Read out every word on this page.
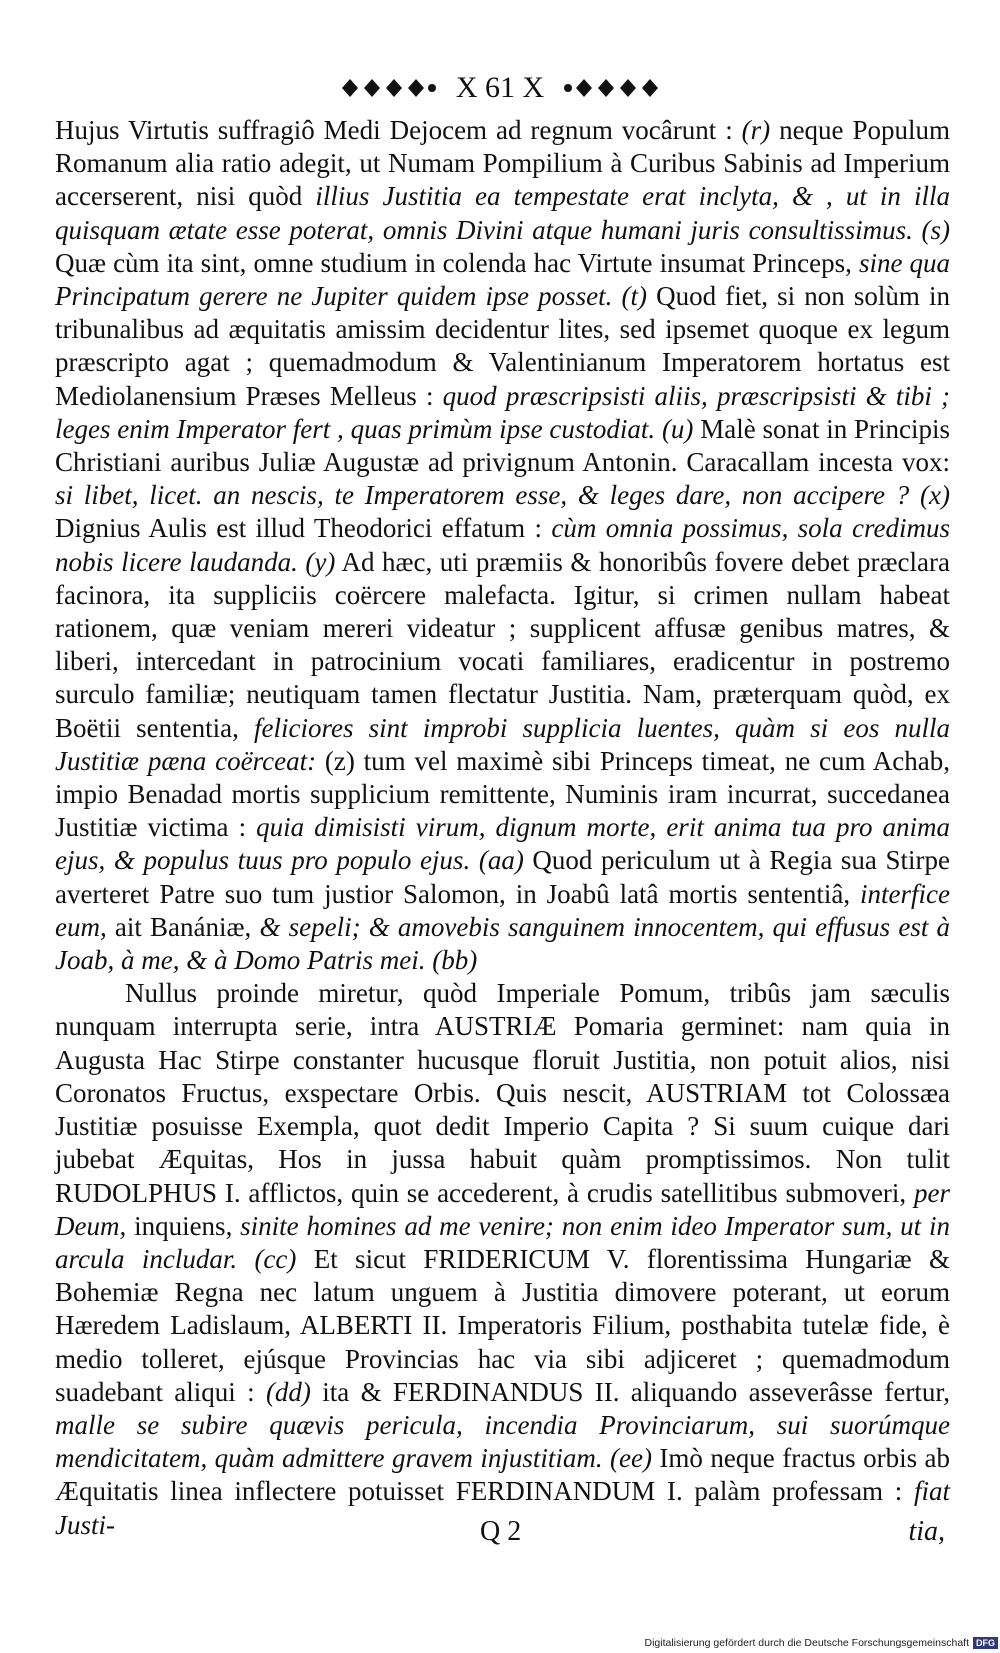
X 61 X

Hujus Virtutis suffragiô Medi Dejocem ad regnum vocârunt : (r) neque Populum Romanum alia ratio adegit, ut Numam Pompilium à Curibus Sabinis ad Imperium accerserent, nisi quòd illius Justitia ea tempestate erat inclyta, & , ut in illa quisquam ætate esse poterat, omnis Divini atque humani juris consultissimus. (s) Quæ cùm ita sint, omne studium in colenda hac Virtute insumat Princeps, sine qua Principatum gerere ne Jupiter quidem ipse posset. (t) Quod fiet, si non solùm in tribunalibus ad æquitatis amissim decidentur lites, sed ipsemet quoque ex legum præscripto agat ; quemadmodum & Valentinianum Imperatorem hortatus est Mediolanensium Præses Melleus : quod præscripsisti aliis, præscripsisti & tibi ; leges enim Imperator fert , quas primùm ipse custodiat. (u) Malè sonat in Principis Christiani auribus Juliæ Augustæ ad privignum Antonin. Caracallam incesta vox: si libet, licet. an nescis, te Imperatorem esse, & leges dare, non accipere ? (x) Dignius Aulis est illud Theodorici effatum : cùm omnia possimus, sola credimus nobis licere laudanda. (y) Ad hæc, uti præmiis & honoribûs fovere debet præclara facinora, ita suppliciis coërcere malefacta. Igitur, si crimen nullam habeat rationem, quæ veniam mereri videatur ; supplicent affusæ genibus matres, & liberi, intercedant in patrocinium vocati familiares, eradicentur in postremo surculo familiæ; neutiquam tamen flectatur Justitia. Nam, præterquam quòd, ex Boëtii sententia, feliciores sint improbi supplicia luentes, quàm si eos nulla Justitiæ pæna coërceat: (z) tum vel maximè sibi Princeps timeat, ne cum Achab, impio Benadad mortis supplicium remittente, Numinis iram incurrat, succedanea Justitiæ victima : quia dimisisti virum, dignum morte, erit anima tua pro anima ejus, & populus tuus pro populo ejus. (aa) Quod periculum ut à Regia sua Stirpe averteret Patre suo tum justior Salomon, in Joabû latâ mortis sententiâ, interfice eum, ait Banániæ, & sepeli; & amovebis sanguinem innocentem, qui effusus est à Joab, à me, & à Domo Patris mei. (bb)

Nullus proinde miretur, quòd Imperiale Pomum, tribûs jam sæculis nunquam interrupta serie, intra AUSTRIÆ Pomaria germinet: nam quia in Augusta Hac Stirpe constanter hucusque floruit Justitia, non potuit alios, nisi Coronatos Fructus, exspectare Orbis. Quis nescit, AUSTRIAM tot Colossæa Justitiæ posuisse Exempla, quot dedit Imperio Capita ? Si suum cuique dari jubebat Æquitas, Hos in jussa habuit quàm promptissimos. Non tulit RUDOLPHUS I. afflictos, quin se accederent, à crudis satellitibus submoveri, per Deum, inquiens, sinite homines ad me venire; non enim ideo Imperator sum, ut in arcula includar. (cc) Et sicut FRIDERICUM V. florentissima Hungariæ & Bohemiæ Regna nec latum unguem à Justitia dimovere poterant, ut eorum Hæredem Ladislaum, ALBERTI II. Imperatoris Filium, posthabita tutelæ fide, è medio tolleret, ejúsque Provincias hac via sibi adjiceret ; quemadmodum suadebant aliqui : (dd) ita & FERDINANDUS II. aliquando asseverâsse fertur, malle se subire quævis pericula, incendia Provinciarum, sui suorúmque mendicitatem, quàm admittere gravem injustitiam. (ee) Imò neque fractus orbis ab Æquitatis linea inflectere potuisset FERDINANDUM I. palàm professam : fiat Justi-	Q 2	tia,
Digitalisierung gefördert durch die Deutsche Forschungsgemeinschaft DFG
